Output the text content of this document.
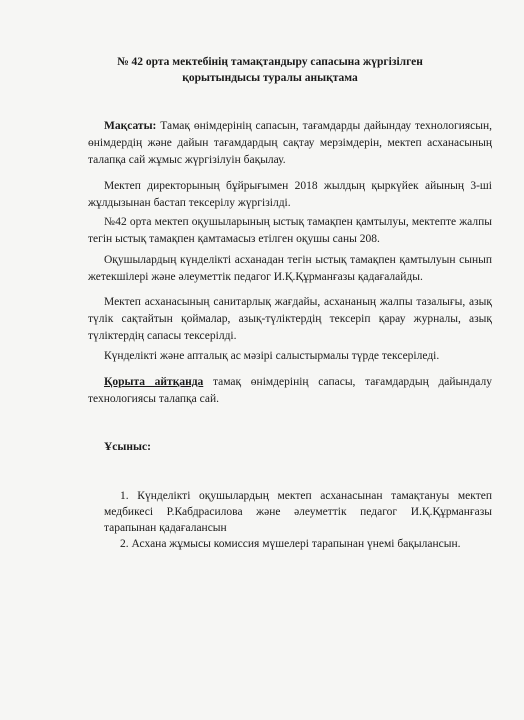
№ 42 орта мектебінің тамақтандыру сапасына жүргізілген
қорытындысы туралы анықтама

Мақсаты: Тамақ өнімдерінің сапасын, тағамдарды дайындау технологиясын, өнімдердің және дайын тағамдардың сақтау мерзімдерін, мектеп асханасының талапқа сай жұмыс жүргізілуін бақылау.

Мектеп директорының бұйрығымен 2018 жылдың қыркүйек айының 3-ші жұлдызынан бастап тексерілу жүргізілді.

№42 орта мектеп оқушыларының ыстық тамақпен қамтылуы, мектепте жалпы тегін ыстық тамақпен қамтамасыз етілген оқушы саны 208.

Оқушылардың күнделікті асханадан тегін ыстық тамақпен қамтылуын сынып жетекшілері және әлеуметтік педагог И.Қ.Құрманғазы қадағалайды.

Мектеп асханасының санитарлық жағдайы, асхананың жалпы тазалығы, азық түлік сақтайтын қоймалар, азық-түліктердің тексеріп қарау журналы, азық түліктердің сапасы тексерілді.

Күнделікті және апталық ас мәзірі салыстырмалы түрде тексеріледі.

Қорыта айтқанда тамақ өнімдерінің сапасы, тағамдардың дайындалу технологиясы талапқа сай.

Ұсыныс:

1. Күнделікті оқушылардың мектеп асханасынан тамақтануы мектеп медбикесі Р.Кабдрасилова және әлеуметтік педагог И.Қ.Құрманғазы тарапынан қадағалансын

2. Асхана жұмысы комиссия мүшелері тарапынан үнемі бақылансын.
